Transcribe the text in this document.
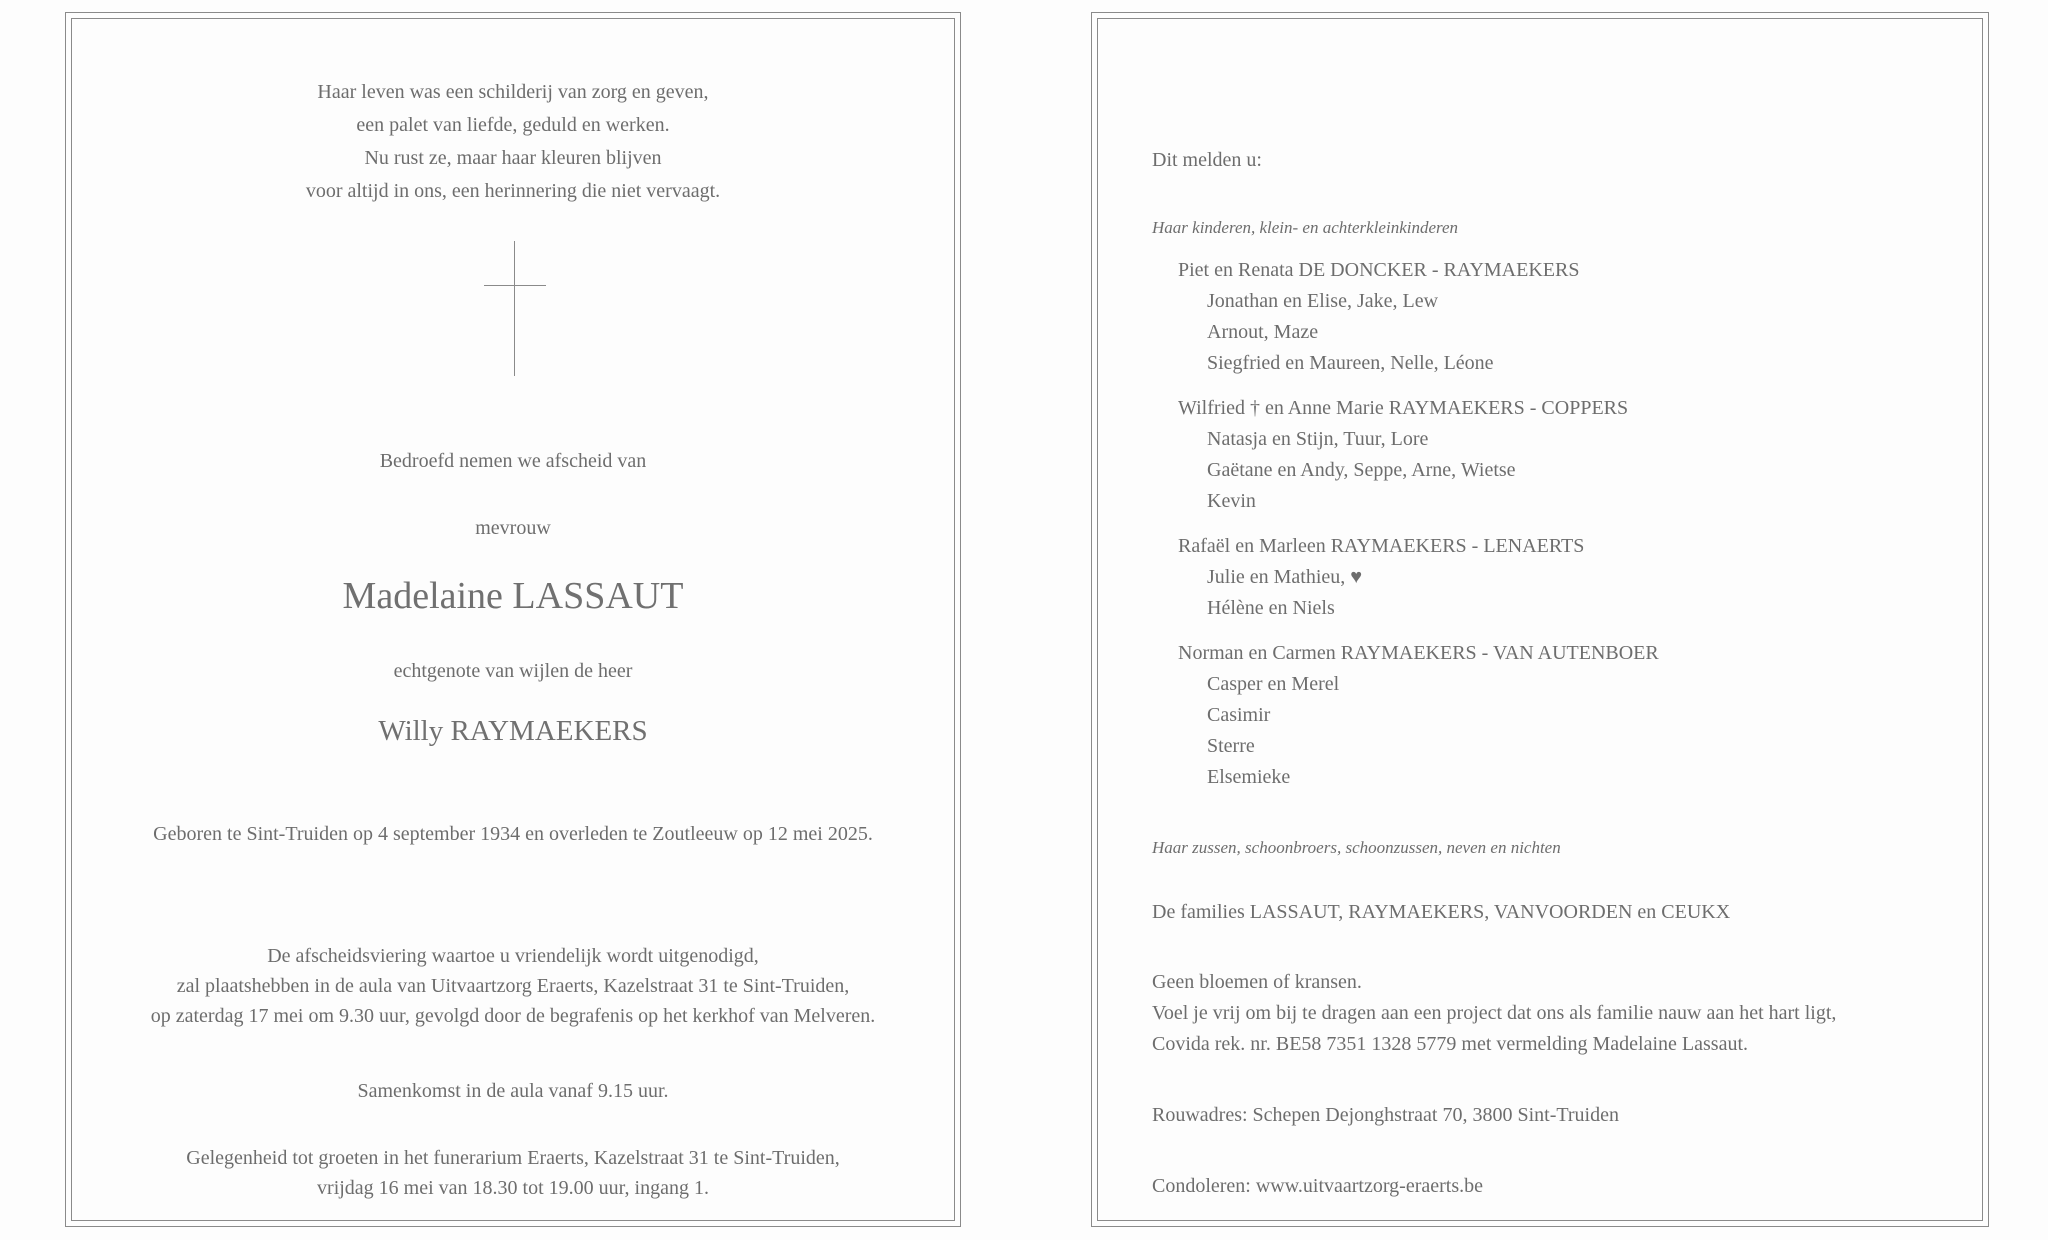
Haar leven was een schilderij van zorg en geven,
een palet van liefde, geduld en werken.
Nu rust ze, maar haar kleuren blijven
voor altijd in ons, een herinnering die niet vervaagt.
Bedroefd nemen we afscheid van
mevrouw
Madelaine LASSAUT
echtgenote van wijlen de heer
Willy RAYMAEKERS
Geboren te Sint-Truiden op 4 september 1934 en overleden te Zoutleeuw op 12 mei 2025.
De afscheidsviering waartoe u vriendelijk wordt uitgenodigd,
zal plaatshebben in de aula van Uitvaartzorg Eraerts, Kazelstraat 31 te Sint-Truiden,
op zaterdag 17 mei om 9.30 uur, gevolgd door de begrafenis op het kerkhof van Melveren.
Samenkomst in de aula vanaf 9.15 uur.
Gelegenheid tot groeten in het funerarium Eraerts, Kazelstraat 31 te Sint-Truiden,
vrijdag 16 mei van 18.30 tot 19.00 uur, ingang 1.
Dit melden u:
Haar kinderen, klein- en achterkleinkinderen
Piet en Renata DE DONCKER - RAYMAEKERS
Jonathan en Elise, Jake, Lew
Arnout, Maze
Siegfried en Maureen, Nelle, Léone
Wilfried † en Anne Marie RAYMAEKERS - COPPERS
Natasja en Stijn, Tuur, Lore
Gaëtane en Andy, Seppe, Arne, Wietse
Kevin
Rafaël en Marleen RAYMAEKERS - LENAERTS
Julie en Mathieu, ♥
Hélène en Niels
Norman en Carmen RAYMAEKERS - VAN AUTENBOER
Casper en Merel
Casimir
Sterre
Elsemieke
Haar zussen, schoonbroers, schoonzussen, neven en nichten
De families LASSAUT, RAYMAEKERS, VANVOORDEN en CEUKX
Geen bloemen of kransen.
Voel je vrij om bij te dragen aan een project dat ons als familie nauw aan het hart ligt,
Covida rek. nr. BE58 7351 1328 5779 met vermelding Madelaine Lassaut.
Rouwadres: Schepen Dejonghstraat 70, 3800 Sint-Truiden
Condoleren: www.uitvaartzorg-eraerts.be
